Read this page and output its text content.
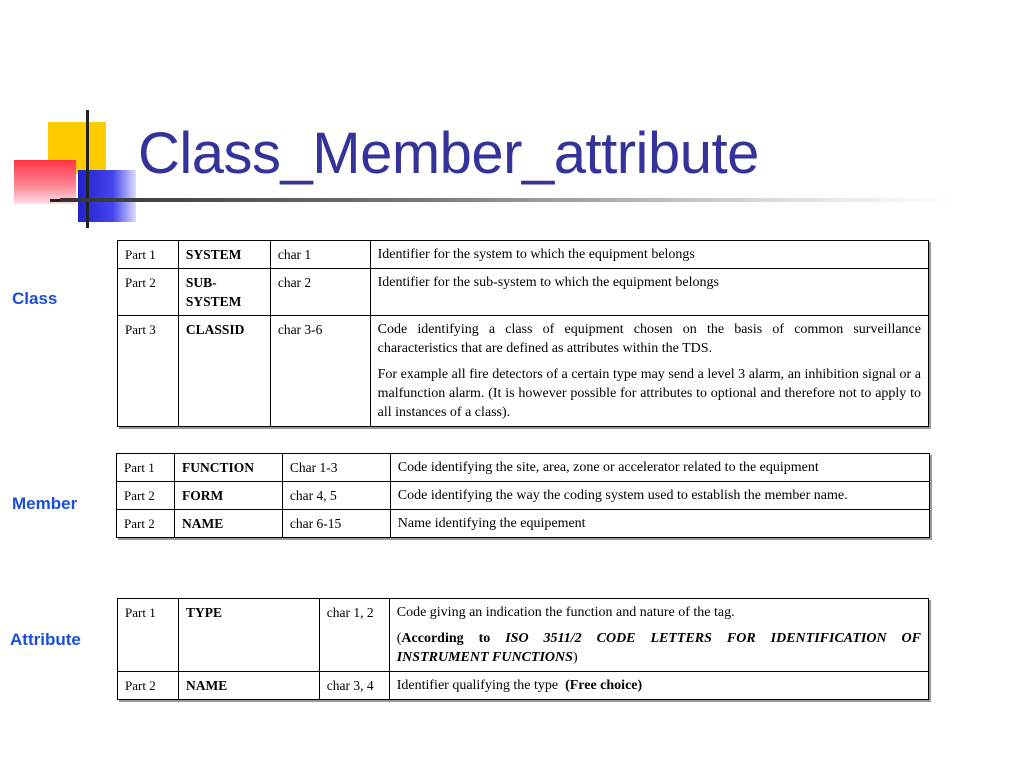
Class_Member_attribute
Class
Part 1	SYSTEM	char 1	Identifier for the system to which the equipment belongs
Part 2	SUB-SYSTEM	char 2	Identifier for the sub-system to which the equipment belongs
Part 3	CLASSID	char 3-6	Code identifying a class of equipment chosen on the basis of common surveillance characteristics that are defined as attributes within the TDS.
For example all fire detectors of a certain type may send a level 3 alarm, an inhibition signal or a malfunction alarm. (It is however possible for attributes to optional and therefore not to apply to all instances of a class).
Member
Part 1	FUNCTION	Char 1-3	Code identifying the site, area, zone or accelerator related to the equipment
Part 2	FORM	char 4, 5	Code identifying the way the coding system used to establish the member name.
Part 2	NAME	char 6-15	Name identifying the equipement
Attribute
Part 1	TYPE	char 1, 2	Code giving an indication the function and nature of the tag.
(According to ISO 3511/2 CODE LETTERS FOR IDENTIFICATION OF INSTRUMENT FUNCTIONS)

Part 2	NAME	char 3, 4	Identifier qualifying the type (Free choice)
